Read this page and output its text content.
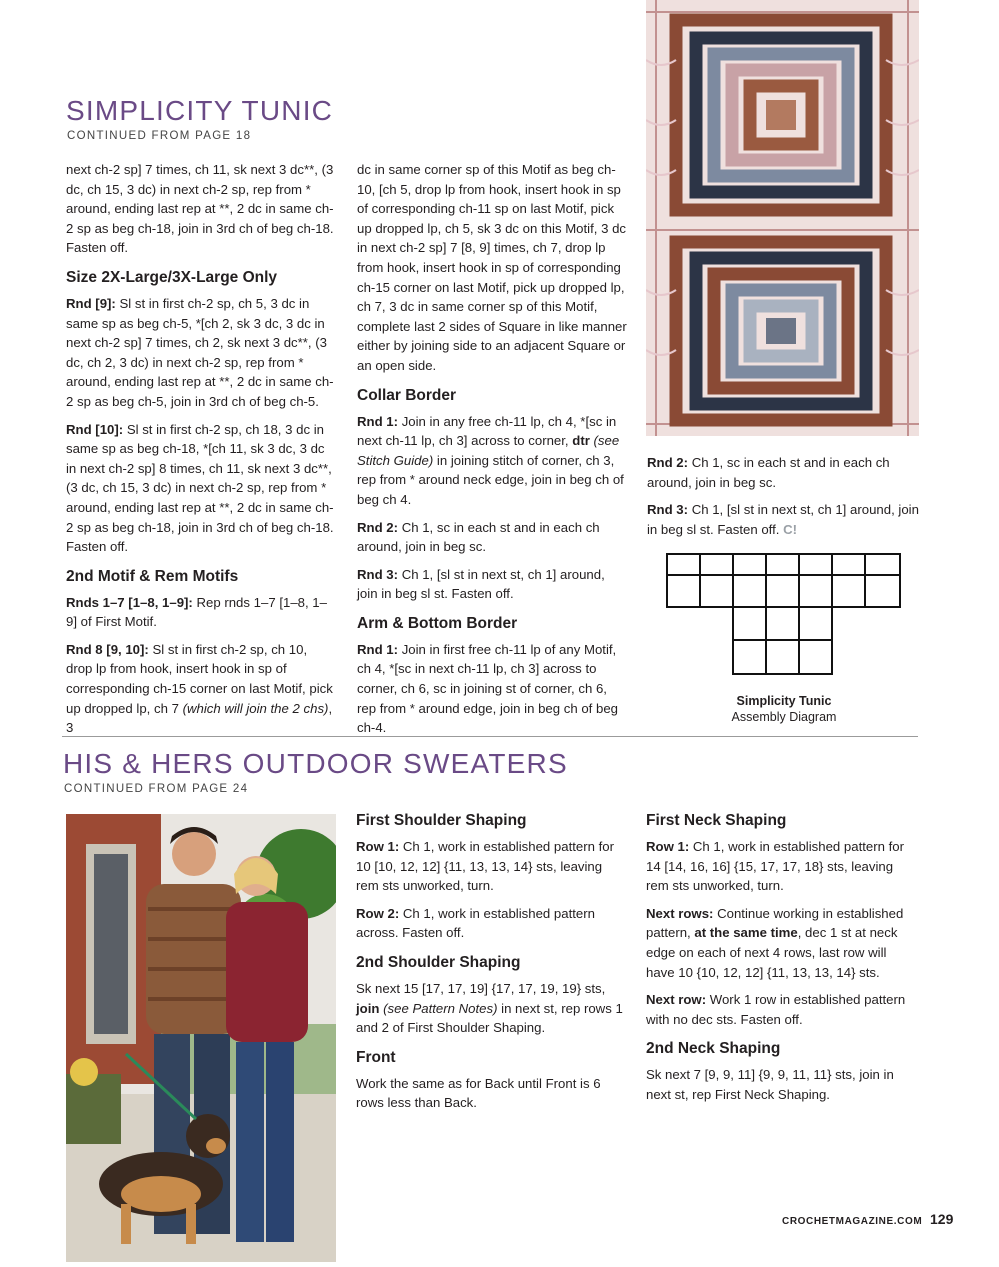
SIMPLICITY TUNIC
CONTINUED FROM PAGE 18

next ch-2 sp] 7 times, ch 11, sk next 3 dc**, (3 dc, ch 15, 3 dc) in next ch-2 sp, rep from * around, ending last rep at **, 2 dc in same ch-2 sp as beg ch-18, join in 3rd ch of beg ch-18. Fasten off.

Size 2X-Large/3X-Large Only

Rnd [9]: Sl st in first ch-2 sp, ch 5, 3 dc in same sp as beg ch-5, *[ch 2, sk 3 dc, 3 dc in next ch-2 sp] 7 times, ch 2, sk next 3 dc**, (3 dc, ch 2, 3 dc) in next ch-2 sp, rep from * around, ending last rep at **, 2 dc in same ch-2 sp as beg ch-5, join in 3rd ch of beg ch-5.

Rnd [10]: Sl st in first ch-2 sp, ch 18, 3 dc in same sp as beg ch-18, *[ch 11, sk 3 dc, 3 dc in next ch-2 sp] 8 times, ch 11, sk next 3 dc**, (3 dc, ch 15, 3 dc) in next ch-2 sp, rep from * around, ending last rep at **, 2 dc in same ch-2 sp as beg ch-18, join in 3rd ch of beg ch-18. Fasten off.

2nd Motif & Rem Motifs

Rnds 1–7 [1–8, 1–9]: Rep rnds 1–7 [1–8, 1–9] of First Motif.

Rnd 8 [9, 10]: Sl st in first ch-2 sp, ch 10, drop lp from hook, insert hook in sp of corresponding ch-15 corner on last Motif, pick up dropped lp, ch 7 (which will join the 2 chs), 3

dc in same corner sp of this Motif as beg ch-10, [ch 5, drop lp from hook, insert hook in sp of corresponding ch-11 sp on last Motif, pick up dropped lp, ch 5, sk 3 dc on this Motif, 3 dc in next ch-2 sp] 7 [8, 9] times, ch 7, drop lp from hook, insert hook in sp of corresponding ch-15 corner on last Motif, pick up dropped lp, ch 7, 3 dc in same corner sp of this Motif, complete last 2 sides of Square in like manner either by joining side to an adjacent Square or an open side.

Collar Border

Rnd 1: Join in any free ch-11 lp, ch 4, *[sc in next ch-11 lp, ch 3] across to corner, dtr (see Stitch Guide) in joining stitch of corner, ch 3, rep from * around neck edge, join in beg ch of beg ch 4.

Rnd 2: Ch 1, sc in each st and in each ch around, join in beg sc.

Rnd 3: Ch 1, [sl st in next st, ch 1] around, join in beg sl st. Fasten off.

Arm & Bottom Border

Rnd 1: Join in first free ch-11 lp of any Motif, ch 4, *[sc in next ch-11 lp, ch 3] across to corner, ch 6, sc in joining st of corner, ch 6, rep from * around edge, join in beg ch of beg ch-4.

Rnd 2: Ch 1, sc in each st and in each ch around, join in beg sc.

Rnd 3: Ch 1, [sl st in next st, ch 1] around, join in beg sl st. Fasten off. C!

Simplicity Tunic
Assembly Diagram
HIS & HERS OUTDOOR SWEATERS
CONTINUED FROM PAGE 24
First Shoulder Shaping

Row 1: Ch 1, work in established pattern for 10 [10, 12, 12] {11, 13, 13, 14} sts, leaving rem sts unworked, turn.

Row 2: Ch 1, work in established pattern across. Fasten off.

2nd Shoulder Shaping

Sk next 15 [17, 17, 19] {17, 17, 19, 19} sts, join (see Pattern Notes) in next st, rep rows 1 and 2 of First Shoulder Shaping.

Front

Work the same as for Back until Front is 6 rows less than Back.

First Neck Shaping

Row 1: Ch 1, work in established pattern for 14 [14, 16, 16] {15, 17, 17, 18} sts, leaving rem sts unworked, turn.

Next rows: Continue working in established pattern, at the same time, dec 1 st at neck edge on each of next 4 rows, last row will have 10 {10, 12, 12] {11, 13, 13, 14} sts.

Next row: Work 1 row in established pattern with no dec sts. Fasten off.

2nd Neck Shaping

Sk next 7 [9, 9, 11] {9, 9, 11, 11} sts, join in next st, rep First Neck Shaping.

CROCHETMAGAZINE.COM 129
